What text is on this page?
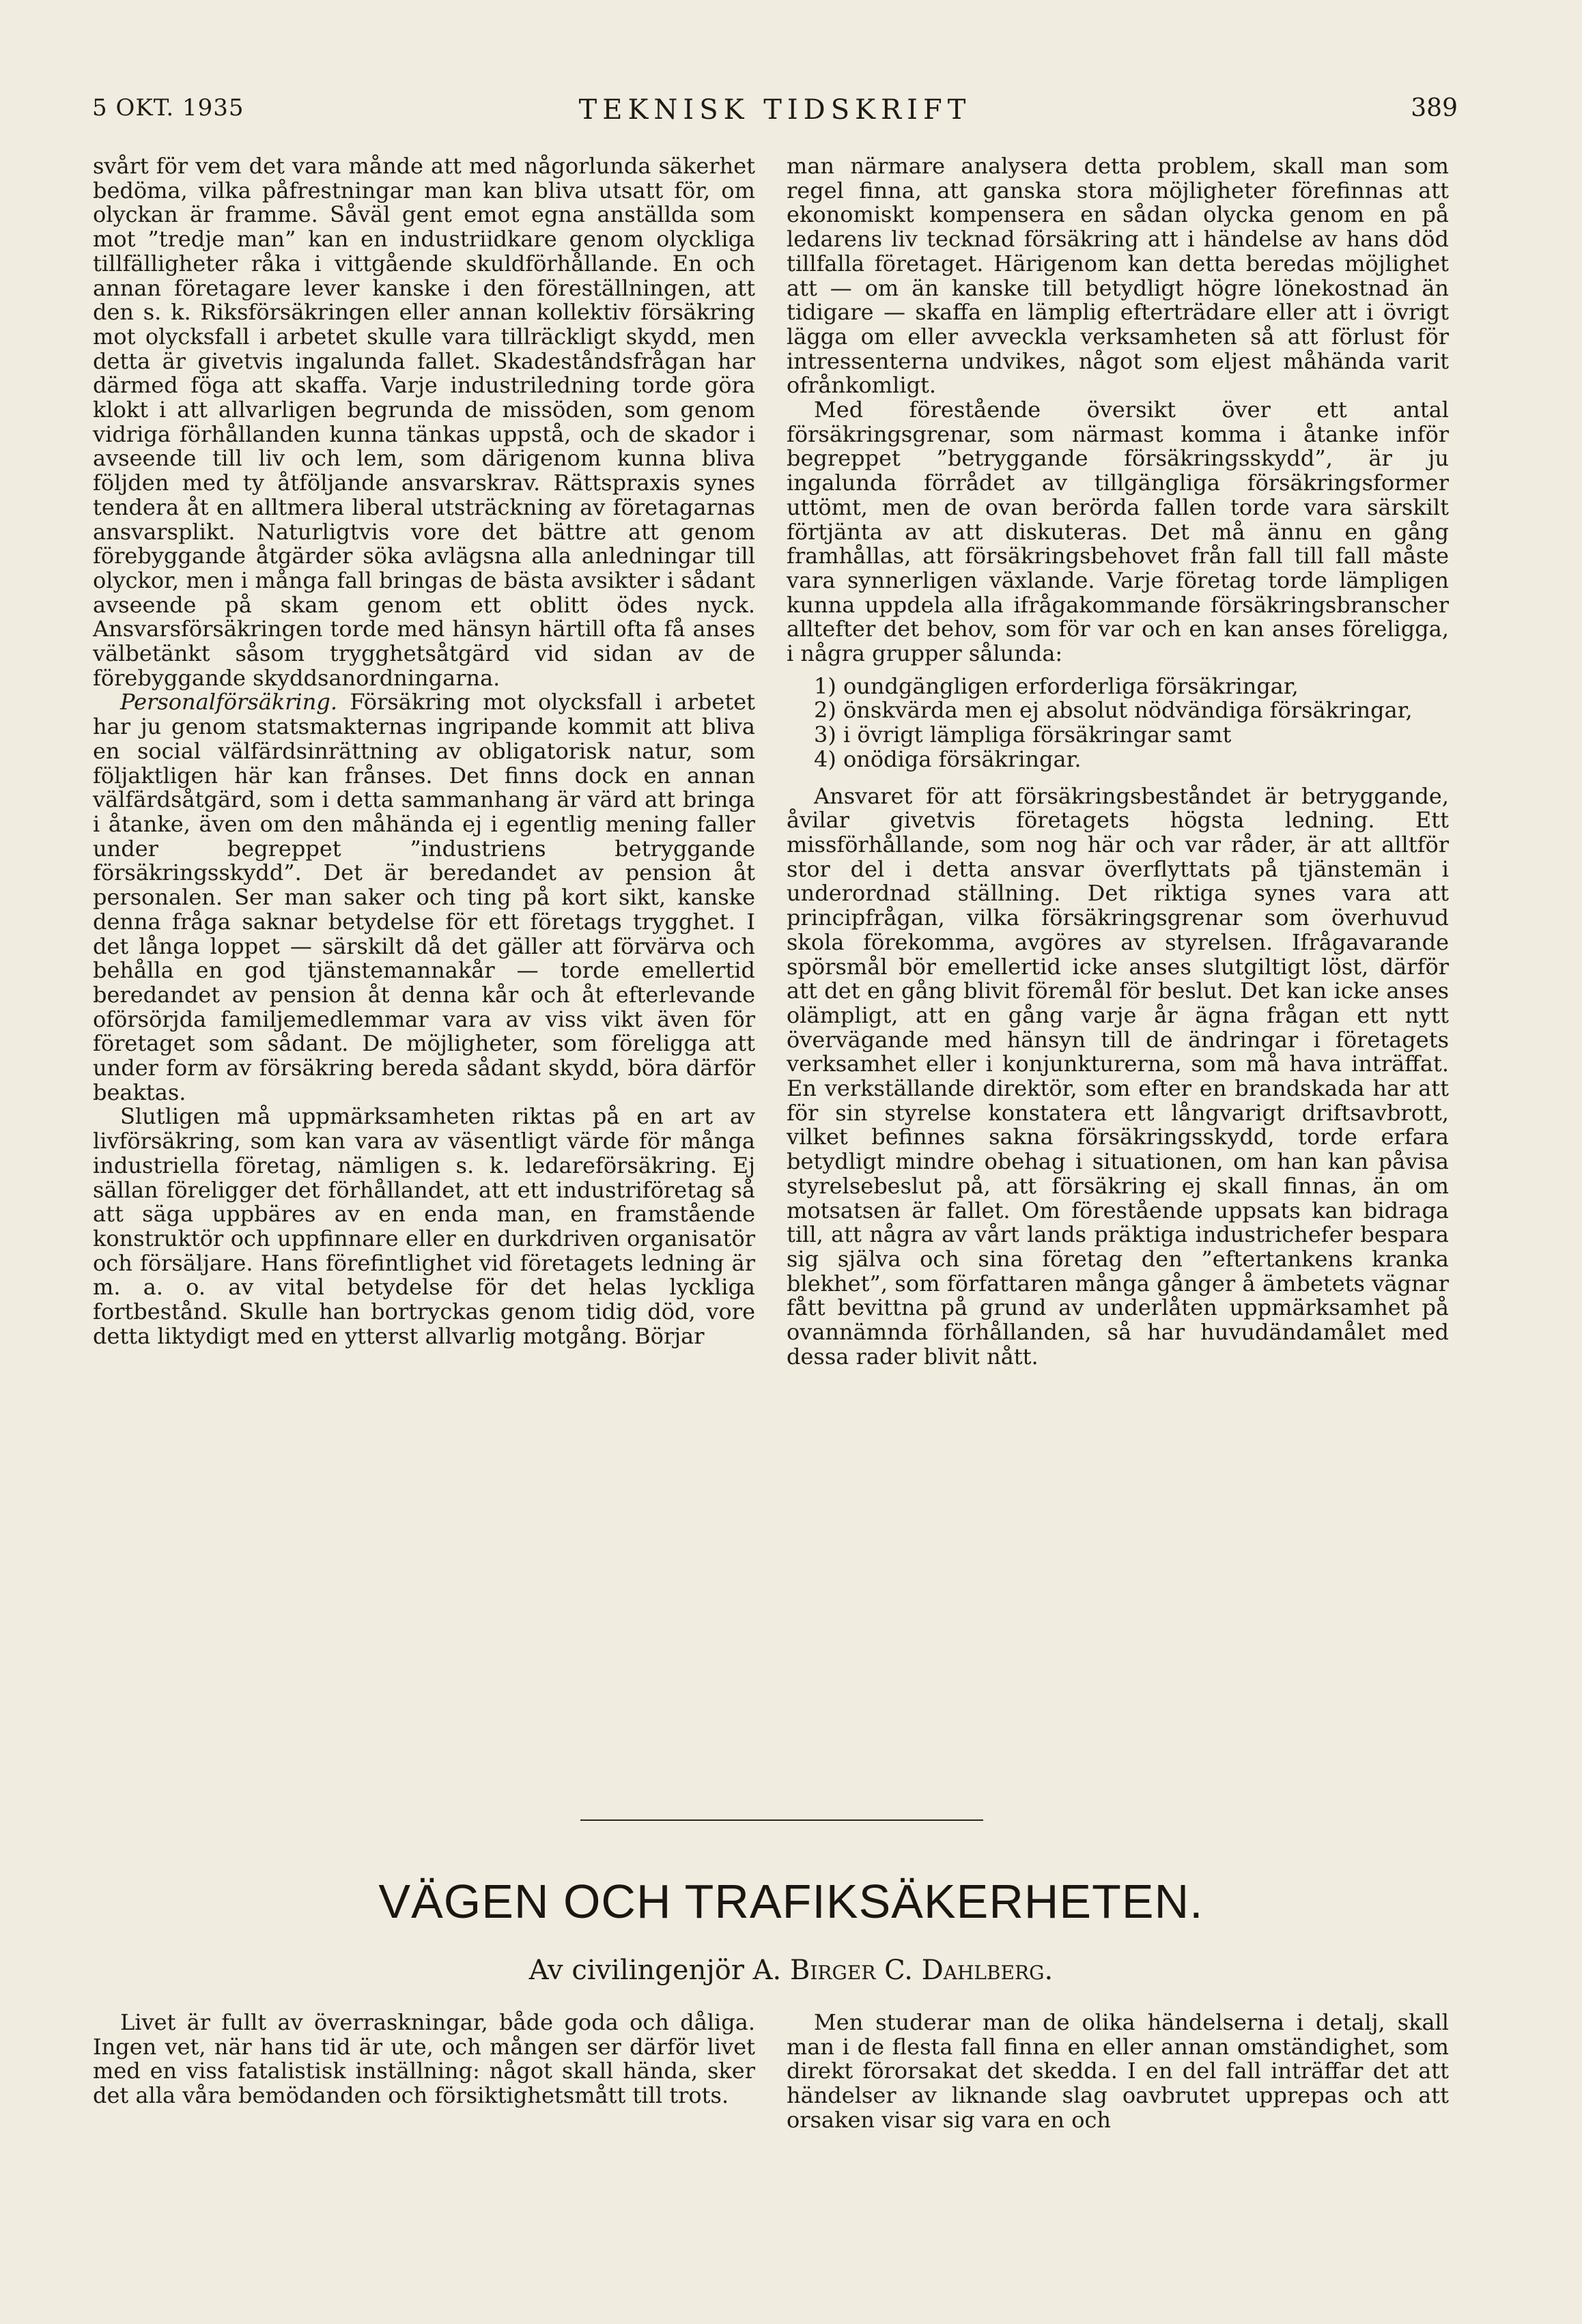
TEKNISK TIDSKRIFT
5 OKT. 1935	389

svårt för vem det vara månde att med någorlunda säkerhet bedöma, vilka påfrestningar man kan bliva utsatt för, om olyckan är framme. Såväl gent emot egna anställda som mot ”tredje man” kan en industriidkare genom olyckliga tillfälligheter råka i vittgående skuldförhållande. En och annan företagare lever kanske i den föreställningen, att den s. k. Riksförsäkringen eller annan kollektiv försäkring mot olycksfall i arbetet skulle vara tillräckligt skydd, men detta är givetvis ingalunda fallet. Skadeståndsfrågan har därmed föga att skaffa. Varje industriledning torde göra klokt i att allvarligen begrunda de missöden, som genom vidriga förhållanden kunna tänkas uppstå, och de skador i avseende till liv och lem, som därigenom kunna bliva följden med ty åtföljande ansvarskrav. Rättspraxis synes tendera åt en alltmera liberal utsträckning av företagarnas ansvarsplikt. Naturligtvis vore det bättre att genom förebyggande åtgärder söka avlägsna alla anledningar till olyckor, men i många fall bringas de bästa avsikter i sådant avseende på skam genom ett oblitt ödes nyck. Ansvarsförsäkringen torde med hänsyn härtill ofta få anses välbetänkt såsom trygghetsåtgärd vid sidan av de förebyggande skyddsanordningarna.

Personalförsäkring. Försäkring mot olycksfall i arbetet har ju genom statsmakternas ingripande kommit att bliva en social välfärdsinrättning av obligatorisk natur, som följaktligen här kan frånses. Det finns dock en annan välfärdsåtgärd, som i detta sammanhang är värd att bringa i åtanke, även om den måhända ej i egentlig mening faller under begreppet ”industriens betryggande försäkringsskydd”. Det är beredandet av pension åt personalen. Ser man saker och ting på kort sikt, kanske denna fråga saknar betydelse för ett företags trygghet. I det långa loppet — särskilt då det gäller att förvärva och behålla en god tjänstemannakår — torde emellertid beredandet av pension åt denna kår och åt efterlevande oförsörjda familjemedlemmar vara av viss vikt även för företaget som sådant. De möjligheter, som föreligga att under form av försäkring bereda sådant skydd, böra därför beaktas.

Slutligen må uppmärksamheten riktas på en art av livförsäkring, som kan vara av väsentligt värde för många industriella företag, nämligen s. k. ledareförsäkring. Ej sällan föreligger det förhållandet, att ett industriföretag så att säga uppbäres av en enda man, en framstående konstruktör och uppfinnare eller en durkdriven organisatör och försäljare. Hans förefintlighet vid företagets ledning är m. a. o. av vital betydelse för det helas lyckliga fortbestånd. Skulle han bortryckas genom tidig död, vore detta liktydigt med en ytterst allvarlig motgång. Börjar

man närmare analysera detta problem, skall man som regel finna, att ganska stora möjligheter förefinnas att ekonomiskt kompensera en sådan olycka genom en på ledarens liv tecknad försäkring att i händelse av hans död tillfalla företaget. Härigenom kan detta beredas möjlighet att — om än kanske till betydligt högre lönekostnad än tidigare — skaffa en lämplig efterträdare eller att i övrigt lägga om eller avveckla verksamheten så att förlust för intressenterna undvikes, något som eljest måhända varit ofrånkomligt.

Med förestående översikt över ett antal försäkringsgrenar, som närmast komma i åtanke inför begreppet ”betryggande försäkringsskydd”, är ju ingalunda förrådet av tillgängliga försäkringsformer uttömt, men de ovan berörda fallen torde vara särskilt förtjänta av att diskuteras. Det må ännu en gång framhållas, att försäkringsbehovet från fall till fall måste vara synnerligen växlande. Varje företag torde lämpligen kunna uppdela alla ifrågakommande försäkringsbranscher alltefter det behov, som för var och en kan anses föreligga, i några grupper sålunda:

1) oundgängligen erforderliga försäkringar,
2) önskvärda men ej absolut nödvändiga försäkringar,
3) i övrigt lämpliga försäkringar samt
4) onödiga försäkringar.

Ansvaret för att försäkringsbeståndet är betryggande, åvilar givetvis företagets högsta ledning. Ett missförhållande, som nog här och var råder, är att alltför stor del i detta ansvar överflyttats på tjänstemän i underordnad ställning. Det riktiga synes vara att principfrågan, vilka försäkringsgrenar som överhuvud skola förekomma, avgöres av styrelsen. Ifrågavarande spörsmål bör emellertid icke anses slutgiltigt löst, därför att det en gång blivit föremål för beslut. Det kan icke anses olämpligt, att en gång varje år ägna frågan ett nytt övervägande med hänsyn till de ändringar i företagets verksamhet eller i konjunkturerna, som må hava inträffat. En verkställande direktör, som efter en brandskada har att för sin styrelse konstatera ett långvarigt driftsavbrott, vilket befinnes sakna försäkringsskydd, torde erfara betydligt mindre obehag i situationen, om han kan påvisa styrelsebeslut på, att försäkring ej skall finnas, än om motsatsen är fallet. Om förestående uppsats kan bidraga till, att några av vårt lands präktiga industrichefer bespara sig själva och sina företag den ”eftertankens kranka blekhet”, som författaren många gånger å ämbetets vägnar fått bevittna på grund av underlåten uppmärksamhet på ovannämnda förhållanden, så har huvudändamålet med dessa rader blivit nått.

VÄGEN OCH TRAFIKSÄKERHETEN.
Av civilingenjör A. Birger C. Dahlberg.

Livet är fullt av överraskningar, både goda och dåliga. Ingen vet, när hans tid är ute, och mången ser därför livet med en viss fatalistisk inställning: något skall hända, sker det alla våra bemödanden och försiktighetsmått till trots.

Men studerar man de olika händelserna i detalj, skall man i de flesta fall finna en eller annan omständighet, som direkt förorsakat det skedda. I en del fall inträffar det att händelser av liknande slag oavbrutet upprepas och att orsaken visar sig vara en och
